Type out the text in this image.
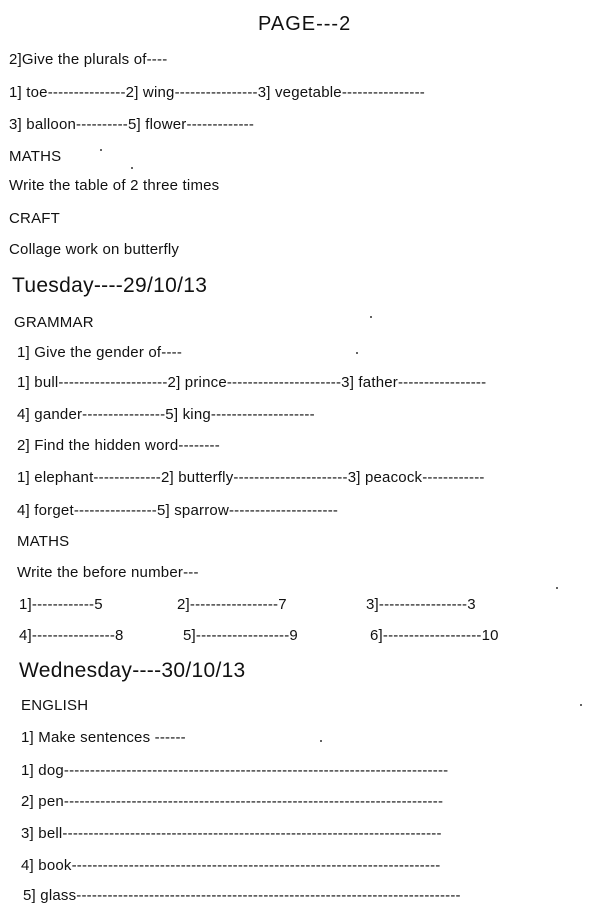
PAGE---2
2]Give the plurals of----
1] toe---------------2] wing----------------3] vegetable----------------
3] balloon----------5] flower-------------
MATHS
Write the table of 2 three times
CRAFT
Collage work on butterfly
Tuesday----29/10/13
GRAMMAR
1] Give the gender of----
1] bull---------------------2] prince----------------------3] father-----------------
4] gander----------------5] king--------------------
2] Find the hidden word--------
1] elephant-------------2] butterfly----------------------3] peacock------------
4] forget----------------5] sparrow---------------------
MATHS
Write the before number---
1]------------5	2]-----------------7	3]-----------------3
4]----------------8	5]------------------9	6]-------------------10
Wednesday----30/10/13
ENGLISH
1] Make sentences ------
1] dog--------------------------------------------------------------------------
2] pen-------------------------------------------------------------------------
3] bell-------------------------------------------------------------------------
4] book-----------------------------------------------------------------------
5] glass--------------------------------------------------------------------------
